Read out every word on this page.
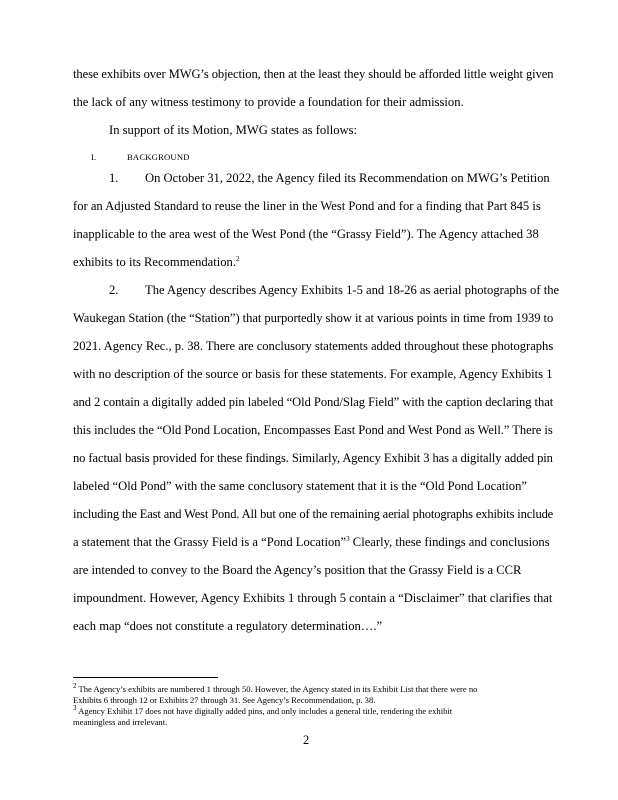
these exhibits over MWG’s objection, then at the least they should be afforded little weight given
the lack of any witness testimony to provide a foundation for their admission.
In support of its Motion, MWG states as follows:
I.	BACKGROUND
1. On October 31, 2022, the Agency filed its Recommendation on MWG’s Petition
for an Adjusted Standard to reuse the liner in the West Pond and for a finding that Part 845 is
inapplicable to the area west of the West Pond (the “Grassy Field”). The Agency attached 38
exhibits to its Recommendation.$^2$
2. The Agency describes Agency Exhibits 1-5 and 18-26 as aerial photographs of the
Waukegan Station (the “Station”) that purportedly show it at various points in time from 1939 to
2021. Agency Rec., p. 38. There are conclusory statements added throughout these photographs
with no description of the source or basis for these statements. For example, Agency Exhibits 1
and 2 contain a digitally added pin labeled “Old Pond/Slag Field” with the caption declaring that
this includes the “Old Pond Location, Encompasses East Pond and West Pond as Well.” There is
no factual basis provided for these findings. Similarly, Agency Exhibit 3 has a digitally added pin
labeled “Old Pond” with the same conclusory statement that it is the “Old Pond Location”
including the East and West Pond. All but one of the remaining aerial photographs exhibits include
a statement that the Grassy Field is a “Pond Location”$^3$ Clearly, these findings and conclusions
are intended to convey to the Board the Agency’s position that the Grassy Field is a CCR
impoundment. However, Agency Exhibits 1 through 5 contain a “Disclaimer” that clarifies that
each map “does not constitute a regulatory determination….”
$^2$ The Agency’s exhibits are numbered 1 through 50. However, the Agency stated in its Exhibit List that there were no
Exhibits 6 through 12 or Exhibits 27 through 31. See Agency’s Recommendation, p. 38.
$^3$ Agency Exhibit 17 does not have digitally added pins, and only includes a general title, rendering the exhibit
meaningless and irrelevant.
2
